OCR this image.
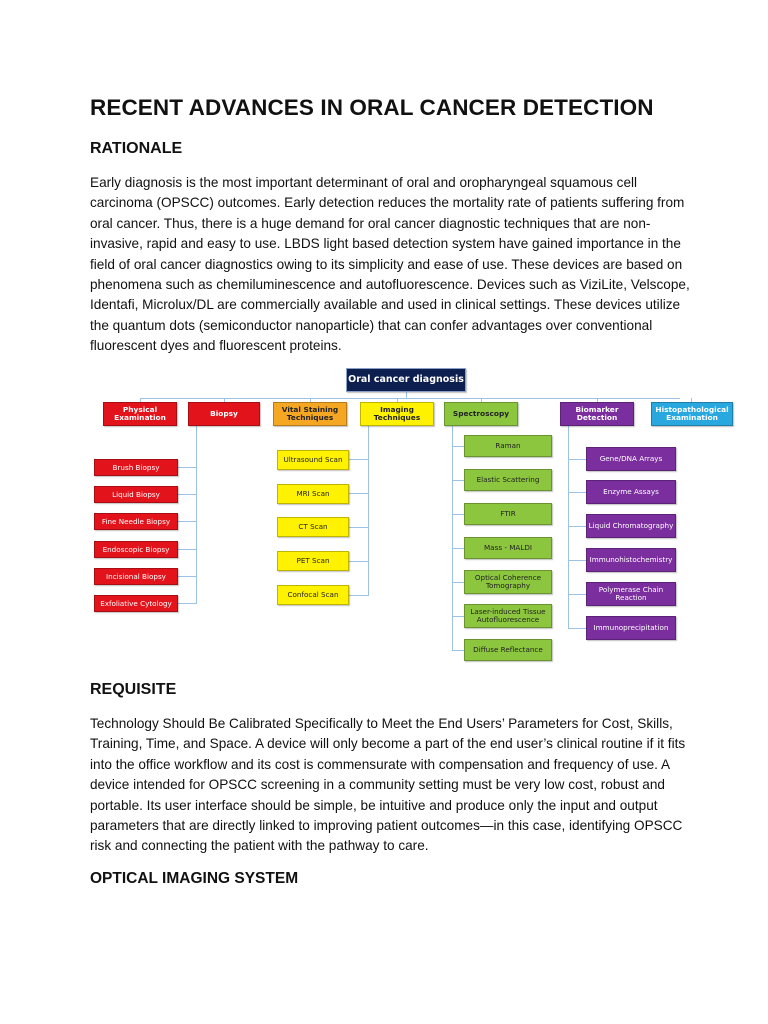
RECENT ADVANCES IN ORAL CANCER DETECTION
RATIONALE

Early diagnosis is the most important determinant of oral and oropharyngeal squamous cell carcinoma (OPSCC) outcomes. Early detection reduces the mortality rate of patients suffering from oral cancer. Thus, there is a huge demand for oral cancer diagnostic techniques that are non-invasive, rapid and easy to use. LBDS light based detection system have gained importance in the field of oral cancer diagnostics owing to its simplicity and ease of use. These devices are based on phenomena such as chemiluminescence and autofluorescence. Devices such as ViziLite, Velscope, Identafi, Microlux/DL are commercially available and used in clinical settings. These devices utilize the quantum dots (semiconductor nanoparticle) that can confer advantages over conventional fluorescent dyes and fluorescent proteins.

Oral cancer diagnosis
Physical Examination	Biopsy	Vital Staining Techniques
Imaging Techniques	Spectroscopy	Biomarker Detection
Histopathological Examination
Brush Biopsy
Liquid Biopsy
Fine Needle Biopsy
Endoscopic Biopsy
Incisional Biopsy
Exfoliative Cytology
Ultrasound Scan
MRI Scan
CT Scan
PET Scan
Confocal Scan
Raman
Elastic Scattering
FTIR
Mass - MALDI
Optical Coherence Tomography
Laser-induced Tissue Autofluorescence
Diffuse Reflectance
Gene/DNA Arrays
Enzyme Assays
Liquid Chromatography
Immunohistochemistry
Polymerase Chain Reaction
Immunoprecipitation
REQUISITE

Technology Should Be Calibrated Specifically to Meet the End Users’ Parameters for Cost, Skills, Training, Time, and Space. A device will only become a part of the end user’s clinical routine if it fits into the office workflow and its cost is commensurate with compensation and frequency of use. A device intended for OPSCC screening in a community setting must be very low cost, robust and portable. Its user interface should be simple, be intuitive and produce only the input and output parameters that are directly linked to improving patient outcomes—in this case, identifying OPSCC risk and connecting the patient with the pathway to care.

OPTICAL IMAGING SYSTEM
